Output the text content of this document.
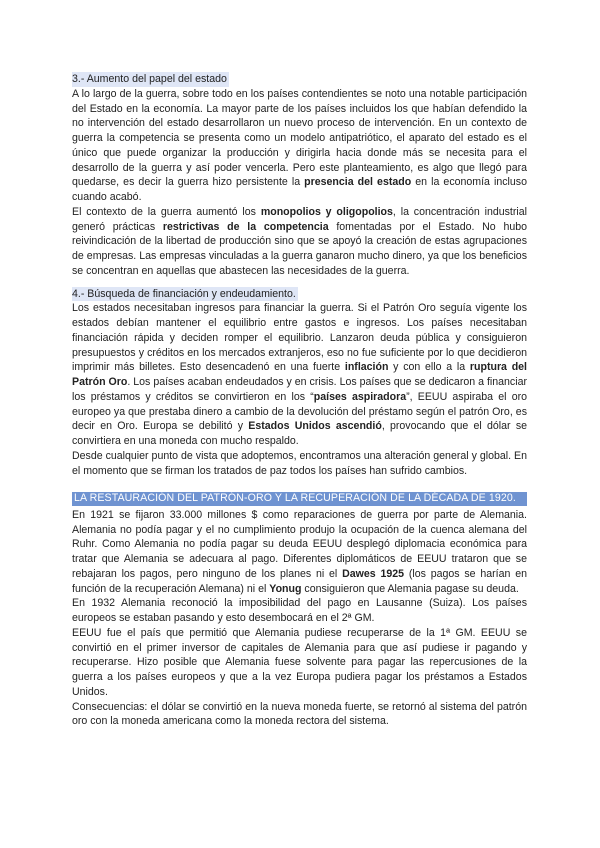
3.- Aumento del papel del estado

A lo largo de la guerra, sobre todo en los países contendientes se noto una notable participación del Estado en la economía. La mayor parte de los países incluidos los que habían defendido la no intervención del estado desarrollaron un nuevo proceso de intervención. En un contexto de guerra la competencia se presenta como un modelo antipatriótico, el aparato del estado es el único que puede organizar la producción y dirigirla hacia donde más se necesita para el desarrollo de la guerra y así poder vencerla. Pero este planteamiento, es algo que llegó para quedarse, es decir la guerra hizo persistente la presencia del estado en la economía incluso cuando acabó.

El contexto de la guerra aumentó los monopolios y oligopolios, la concentración industrial generó prácticas restrictivas de la competencia fomentadas por el Estado. No hubo reivindicación de la libertad de producción sino que se apoyó la creación de estas agrupaciones de empresas. Las empresas vinculadas a la guerra ganaron mucho dinero, ya que los beneficios se concentran en aquellas que abastecen las necesidades de la guerra.

4.- Búsqueda de financiación y endeudamiento.

Los estados necesitaban ingresos para financiar la guerra. Si el Patrón Oro seguía vigente los estados debían mantener el equilibrio entre gastos e ingresos. Los países necesitaban financiación rápida y deciden romper el equilibrio. Lanzaron deuda pública y consiguieron presupuestos y créditos en los mercados extranjeros, eso no fue suficiente por lo que decidieron imprimir más billetes. Esto desencadenó en una fuerte inflación y con ello a la ruptura del Patrón Oro. Los países acaban endeudados y en crisis. Los países que se dedicaron a financiar los préstamos y créditos se convirtieron en los “países aspiradora”, EEUU aspiraba el oro europeo ya que prestaba dinero a cambio de la devolución del préstamo según el patrón Oro, es decir en Oro. Europa se debilitó y Estados Unidos ascendió, provocando que el dólar se convirtiera en una moneda con mucho respaldo.

Desde cualquier punto de vista que adoptemos, encontramos una alteración general y global. En el momento que se firman los tratados de paz todos los países han sufrido cambios.

LA RESTAURACIÓN DEL PATRÓN-ORO Y LA RECUPERACIÓN DE LA DÉCADA DE 1920.

En 1921 se fijaron 33.000 millones $ como reparaciones de guerra por parte de Alemania. Alemania no podía pagar y el no cumplimiento produjo la ocupación de la cuenca alemana del Ruhr. Como Alemania no podía pagar su deuda EEUU desplegó diplomacia económica para tratar que Alemania se adecuara al pago. Diferentes diplomáticos de EEUU trataron que se rebajaran los pagos, pero ninguno de los planes ni el Dawes 1925 (los pagos se harían en función de la recuperación Alemana) ni el Yonug consiguieron que Alemania pagase su deuda.

En 1932 Alemania reconoció la imposibilidad del pago en Lausanne (Suiza). Los países europeos se estaban pasando y esto desembocará en el 2ª GM.

EEUU fue el país que permitió que Alemania pudiese recuperarse de la 1ª GM. EEUU se convirtió en el primer inversor de capitales de Alemania para que así pudiese ir pagando y recuperarse. Hizo posible que Alemania fuese solvente para pagar las repercusiones de la guerra a los países europeos y que a la vez Europa pudiera pagar los préstamos a Estados Unidos.

Consecuencias: el dólar se convirtió en la nueva moneda fuerte, se retornó al sistema del patrón oro con la moneda americana como la moneda rectora del sistema.
